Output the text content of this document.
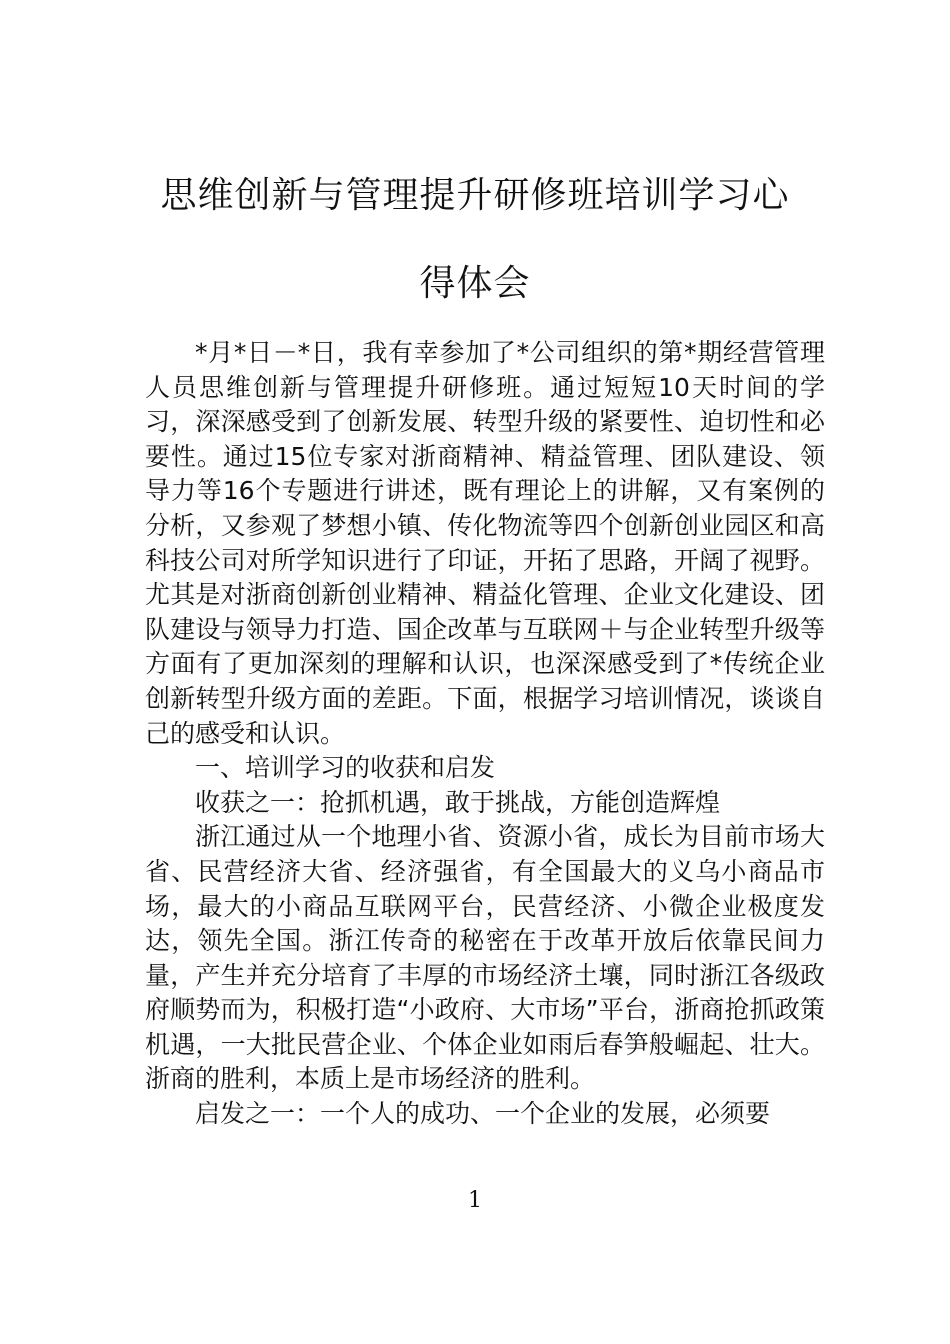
思维创新与管理提升研修班培训学习心得体会

*月*日－*日，我有幸参加了*公司组织的第*期经营管理人员思维创新与管理提升研修班。通过短短10天时间的学习，深深感受到了创新发展、转型升级的紧要性、迫切性和必要性。通过15位专家对浙商精神、精益管理、团队建设、领导力等16个专题进行讲述，既有理论上的讲解，又有案例的分析，又参观了梦想小镇、传化物流等四个创新创业园区和高科技公司对所学知识进行了印证，开拓了思路，开阔了视野。尤其是对浙商创新创业精神、精益化管理、企业文化建设、团队建设与领导力打造、国企改革与互联网＋与企业转型升级等方面有了更加深刻的理解和认识，也深深感受到了*传统企业创新转型升级方面的差距。下面，根据学习培训情况，谈谈自己的感受和认识。

一、培训学习的收获和启发

收获之一：抢抓机遇，敢于挑战，方能创造辉煌

浙江通过从一个地理小省、资源小省，成长为目前市场大省、民营经济大省、经济强省，有全国最大的义乌小商品市场，最大的小商品互联网平台，民营经济、小微企业极度发达，领先全国。浙江传奇的秘密在于改革开放后依靠民间力量，产生并充分培育了丰厚的市场经济土壤，同时浙江各级政府顺势而为，积极打造“小政府、大市场”平台，浙商抢抓政策机遇，一大批民营企业、个体企业如雨后春笋般崛起、壮大。浙商的胜利，本质上是市场经济的胜利。

启发之一：一个人的成功、一个企业的发展，必须要

1
